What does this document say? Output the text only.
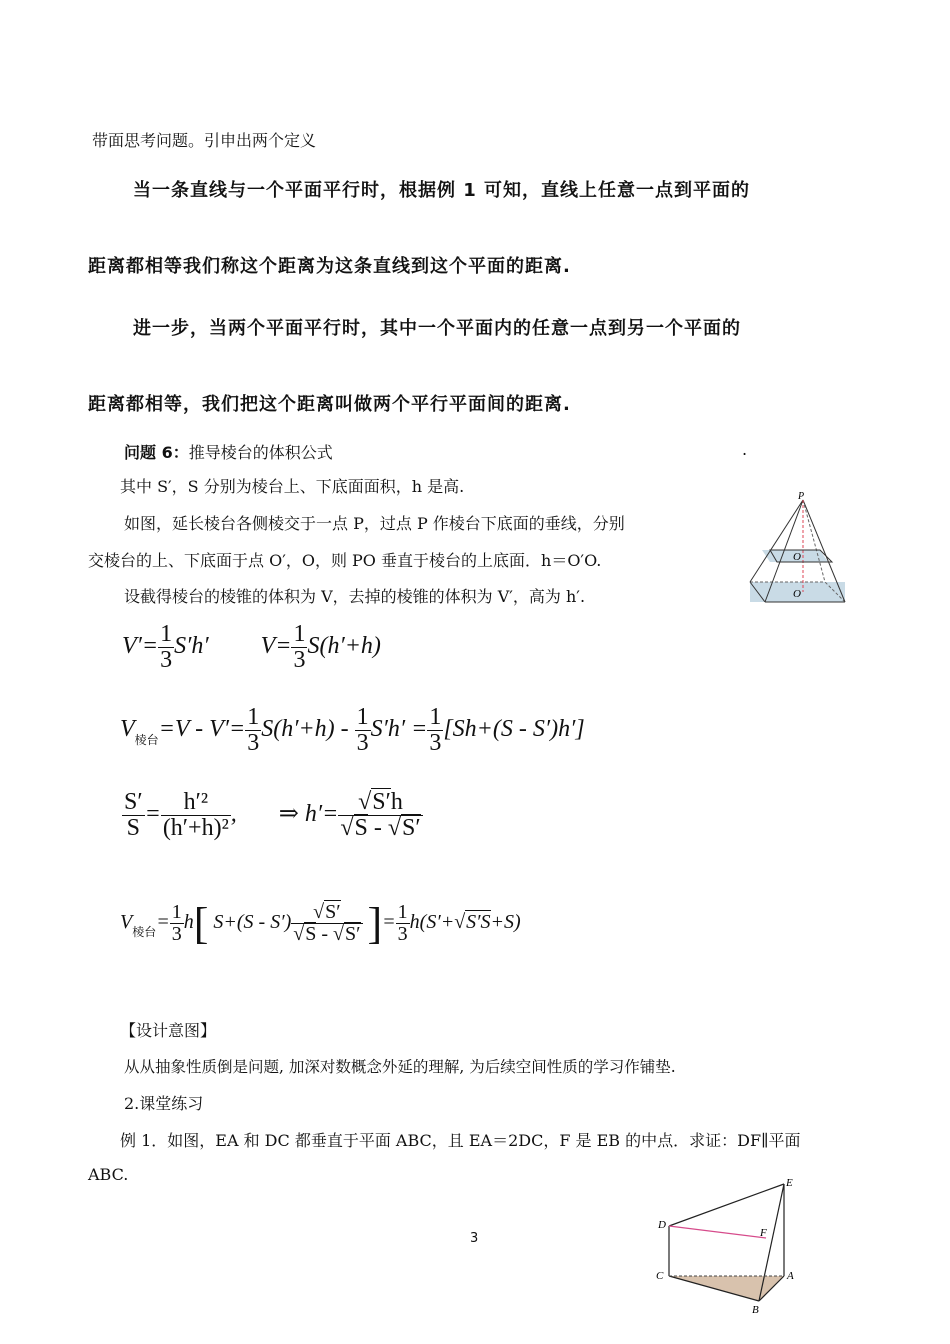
带面思考问题。引申出两个定义
当一条直线与一个平面平行时，根据例 1 可知，直线上任意一点到平面的
距离都相等我们称这个距离为这条直线到这个平面的距离.
进一步，当两个平面平行时，其中一个平面内的任意一点到另一个平面的
距离都相等，我们把这个距离叫做两个平行平面间的距离.
问题 6：推导棱台的体积公式	.
其中 S′，S 分别为棱台上、下底面面积，h 是高.
如图，延长棱台各侧棱交于一点 P，过点 P 作棱台下底面的垂线，分别
交棱台的上、下底面于点 O′，O，则 PO 垂直于棱台的上底面．h＝O′O.
设截得棱台的棱锥的体积为 V，去掉的棱锥的体积为 V′，高为 h′.
P
O
O
$V'= \frac{1}{3} S'h'$  $V= \frac{1}{3} S(h'+h)$
$V_{棱台}=V - V'= \frac{1}{3} S(h'+h) - \frac{1}{3} S'h' = \frac{1}{3} [Sh+(S - S')h']$
$\frac{S'}{S} = \frac{\text{h′²}}{\text{(h′+h)²}}$ ,  ⇒ $h'= \frac{√S'h}{√S - √S'}$
$V_{棱台}= \frac{1}{3} h$[ $S+(S - S') \frac{√S'}{√S - √S'}$ ]= $\frac{1}{3} h(S'+√S'S+S)$
【设计意图】
从从抽象性质倒是问题, 加深对数概念外延的理解, 为后续空间性质的学习作铺垫.
2.课堂练习
例 1．如图，EA 和 DC 都垂直于平面 ABC，且 EA＝2DC，F 是 EB 的中点．求证：DF∥平面
ABC.
3
E
D
F
C	A
B
